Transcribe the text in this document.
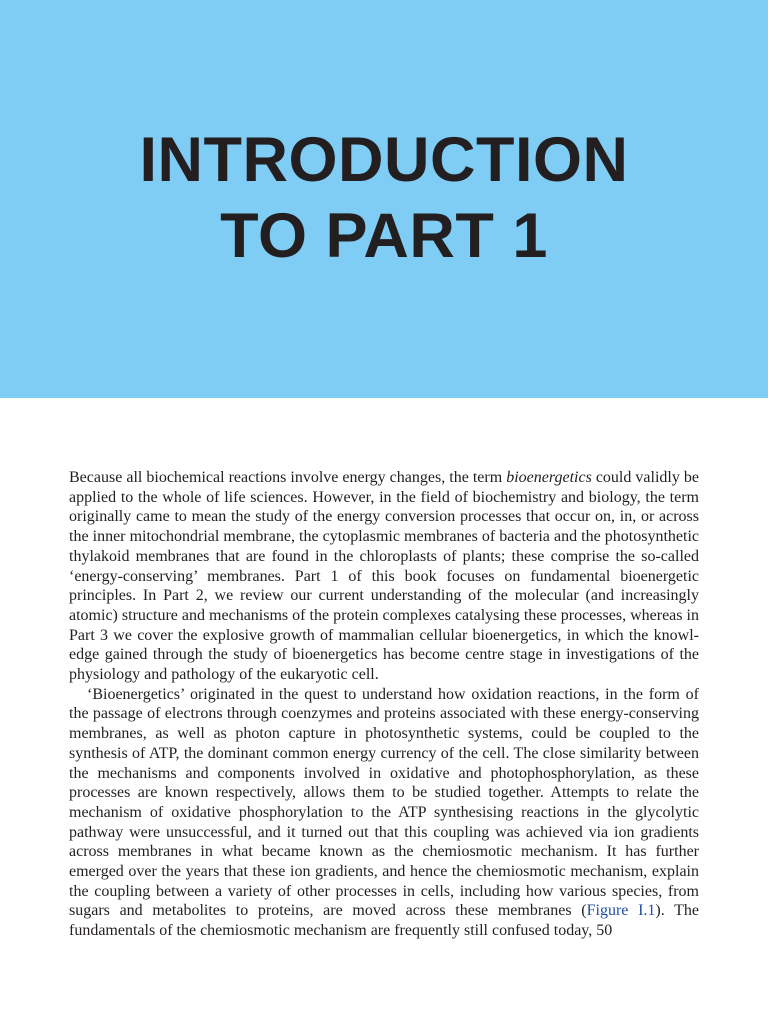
INTRODUCTION
TO PART 1

Because all biochemical reactions involve energy changes, the term bioenergetics could validly be applied to the whole of life sciences. However, in the field of biochemistry and biology, the term originally came to mean the study of the energy conversion processes that occur on, in, or across the inner mitochondrial membrane, the cytoplasmic membranes of bacteria and the photosynthetic thylakoid membranes that are found in the chloroplasts of plants; these comprise the so-called ‘energy-conserving’ membranes. Part 1 of this book focuses on fundamental bioenergetic principles. In Part 2, we review our current understanding of the molecular (and increasingly atomic) structure and mechanisms of the protein complexes catalysing these processes, whereas in Part 3 we cover the explosive growth of mammalian cellular bioenergetics, in which the knowledge gained through the study of bioenergetics has become centre stage in investigations of the physiology and pathology of the eukaryotic cell.

‘Bioenergetics’ originated in the quest to understand how oxidation reactions, in the form of the passage of electrons through coenzymes and proteins associated with these energy-conserving membranes, as well as photon capture in photosynthetic systems, could be coupled to the synthesis of ATP, the dominant common energy currency of the cell. The close similarity between the mechanisms and components involved in oxidative and photophosphorylation, as these processes are known respectively, allows them to be studied together. Attempts to relate the mechanism of oxidative phosphorylation to the ATP synthesising reactions in the glycolytic pathway were unsuccessful, and it turned out that this coupling was achieved via ion gradients across membranes in what became known as the chemiosmotic mechanism. It has further emerged over the years that these ion gradients, and hence the chemiosmotic mechanism, explain the coupling between a variety of other processes in cells, including how various species, from sugars and metabolites to proteins, are moved across these membranes (Figure I.1). The fundamentals of the chemiosmotic mechanism are frequently still confused today, 50
